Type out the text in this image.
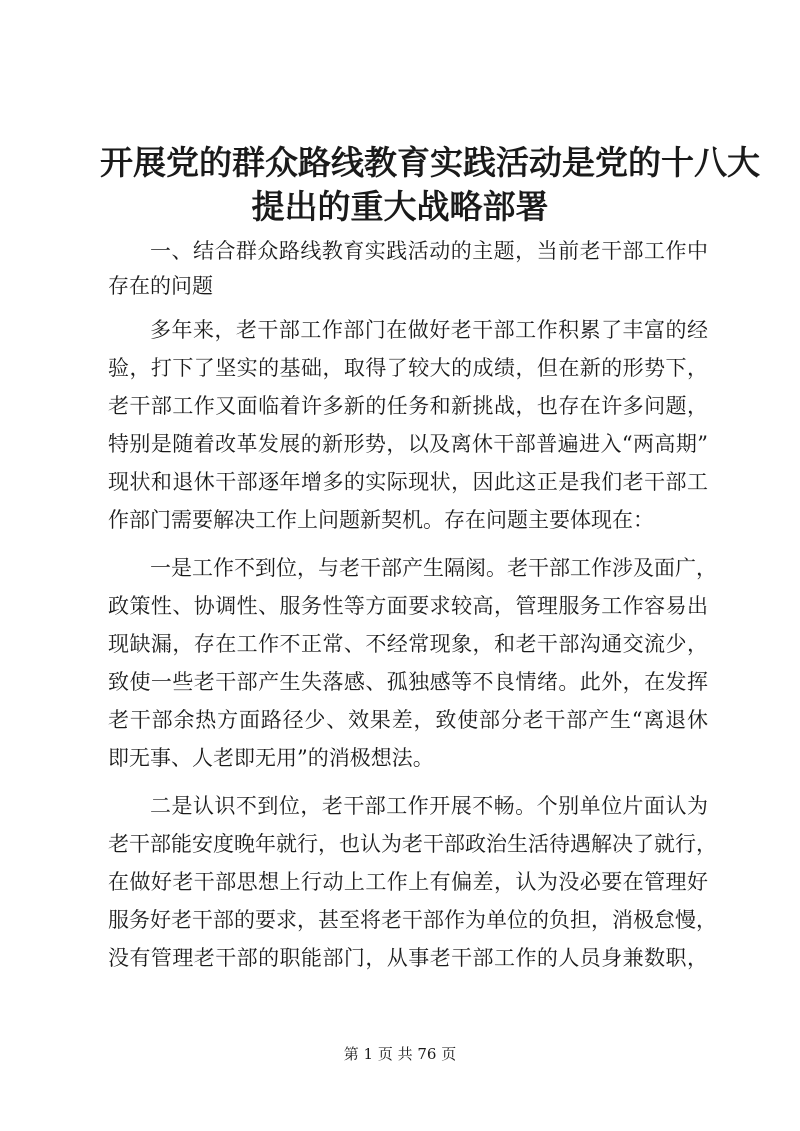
开展党的群众路线教育实践活动是党的十八大
提出的重大战略部署
一、结合群众路线教育实践活动的主题，当前老干部工作中
存在的问题
多年来，老干部工作部门在做好老干部工作积累了丰富的经
验，打下了坚实的基础，取得了较大的成绩，但在新的形势下，
老干部工作又面临着许多新的任务和新挑战，也存在许多问题，
特别是随着改革发展的新形势，以及离休干部普遍进入“两高期”
现状和退休干部逐年增多的实际现状，因此这正是我们老干部工
作部门需要解决工作上问题新契机。存在问题主要体现在：
一是工作不到位，与老干部产生隔阂。老干部工作涉及面广，
政策性、协调性、服务性等方面要求较高，管理服务工作容易出
现缺漏，存在工作不正常、不经常现象，和老干部沟通交流少，
致使一些老干部产生失落感、孤独感等不良情绪。此外，在发挥
老干部余热方面路径少、效果差，致使部分老干部产生“离退休
即无事、人老即无用”的消极想法。
二是认识不到位，老干部工作开展不畅。个别单位片面认为
老干部能安度晚年就行，也认为老干部政治生活待遇解决了就行，
在做好老干部思想上行动上工作上有偏差，认为没必要在管理好
服务好老干部的要求，甚至将老干部作为单位的负担，消极怠慢，
没有管理老干部的职能部门，从事老干部工作的人员身兼数职，
第 1 页 共 76 页
